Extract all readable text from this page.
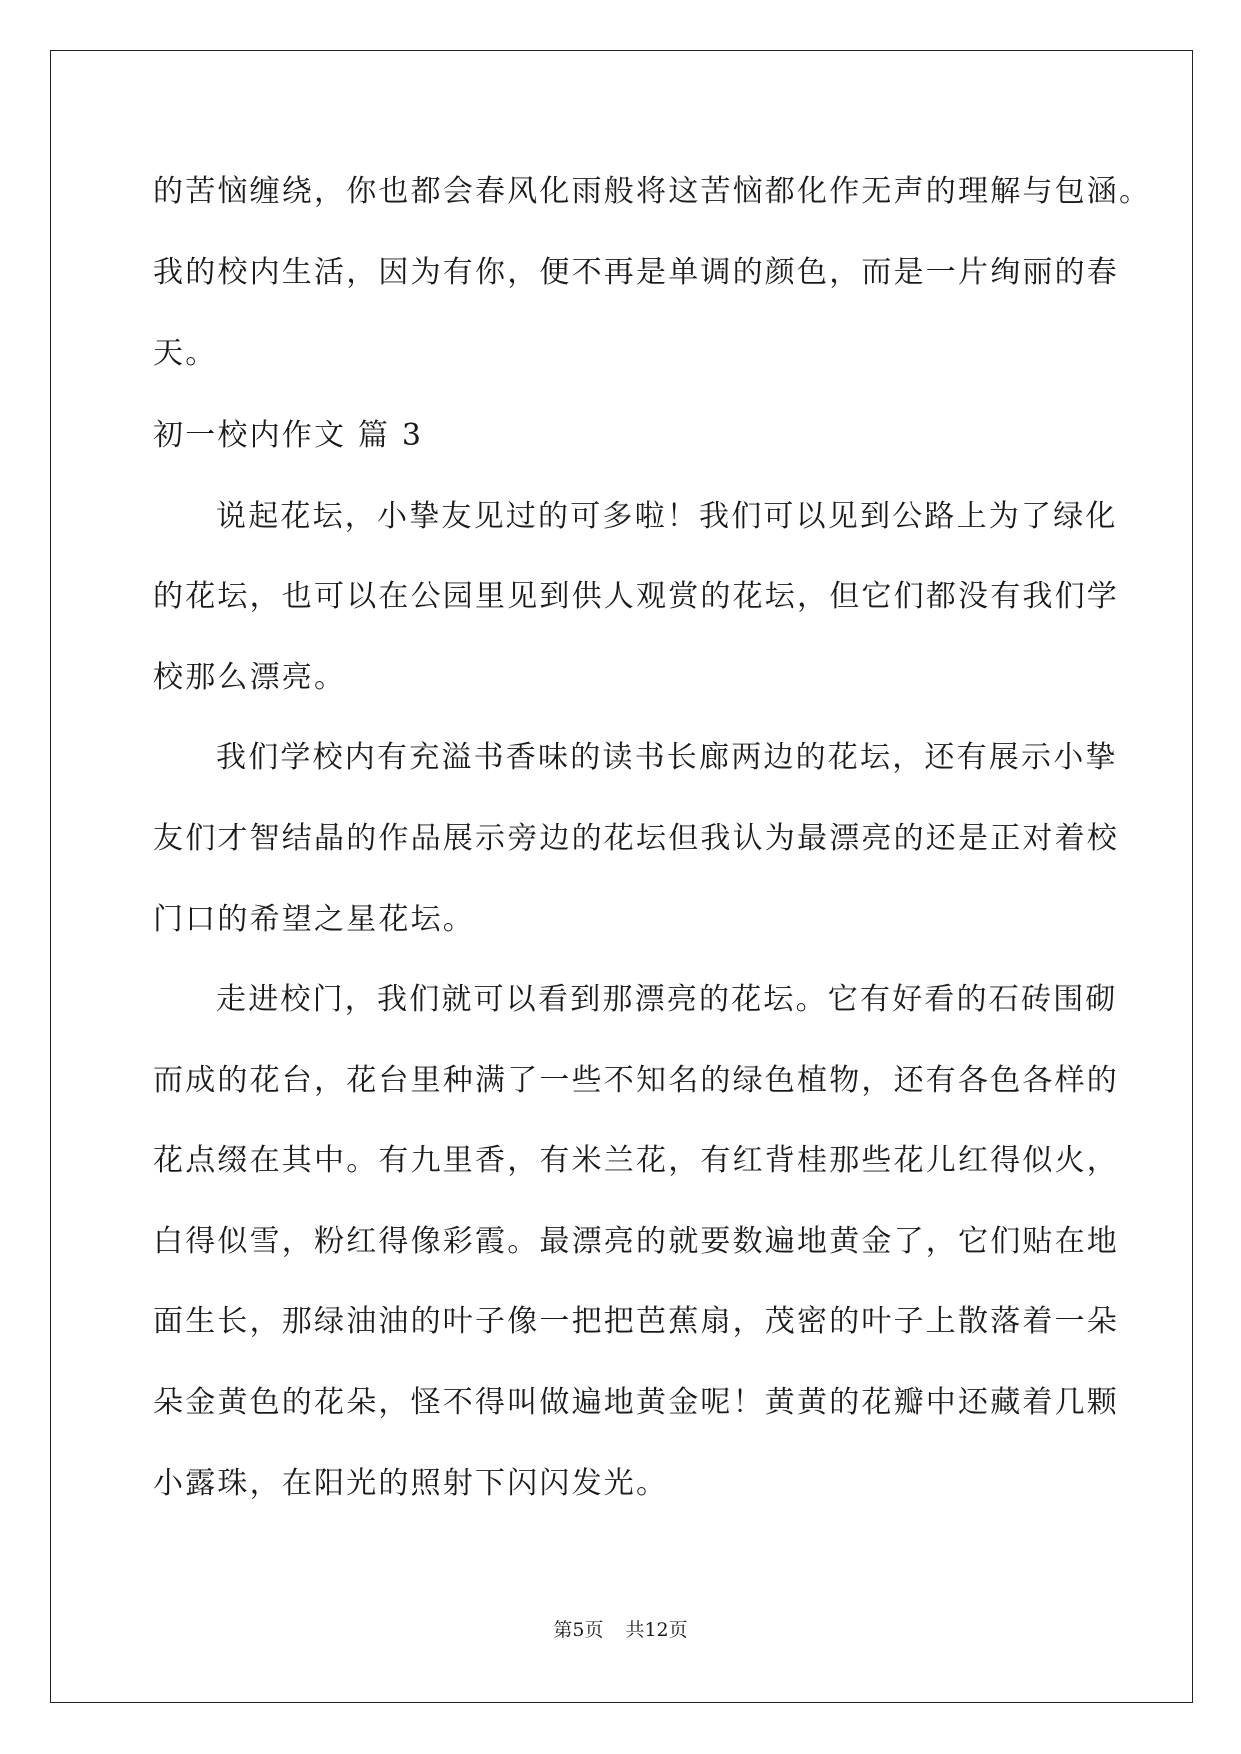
的苦恼缠绕，你也都会春风化雨般将这苦恼都化作无声的理解与包涵。
我的校内生活，因为有你，便不再是单调的颜色，而是一片绚丽的春
天。
初一校内作文 篇 3
说起花坛，小挚友见过的可多啦！我们可以见到公路上为了绿化
的花坛，也可以在公园里见到供人观赏的花坛，但它们都没有我们学
校那么漂亮。
我们学校内有充溢书香味的读书长廊两边的花坛，还有展示小挚
友们才智结晶的作品展示旁边的花坛但我认为最漂亮的还是正对着校
门口的希望之星花坛。
走进校门，我们就可以看到那漂亮的花坛。它有好看的石砖围砌
而成的花台，花台里种满了一些不知名的绿色植物，还有各色各样的
花点缀在其中。有九里香，有米兰花，有红背桂那些花儿红得似火，
白得似雪，粉红得像彩霞。最漂亮的就要数遍地黄金了，它们贴在地
面生长，那绿油油的叶子像一把把芭蕉扇，茂密的叶子上散落着一朵
朵金黄色的花朵，怪不得叫做遍地黄金呢！黄黄的花瓣中还藏着几颗
小露珠，在阳光的照射下闪闪发光。
第5页 共12页
